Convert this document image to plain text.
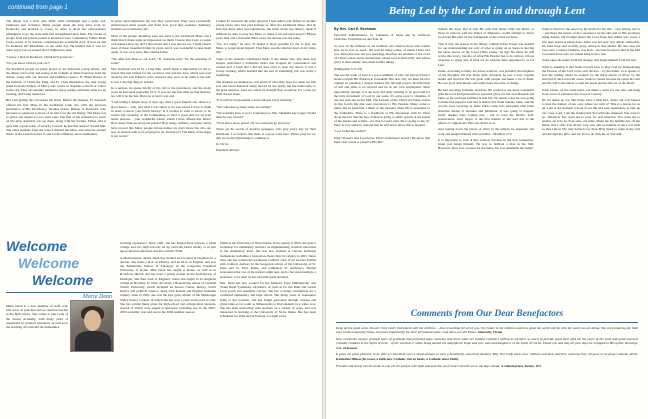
continued from page 1

The dinner was a most gala affair, with candlelight and a quiet, old-fashioned jazz orchestra. Many people made the long drive from St. Kentrick's and Kenrick to Carey, in order to show her extraordinary willingness to go the extra mile had strengthened their faith. The stories of people from his present parish at Rockford were competitive; Father Brian Carey, pastor at St. Patrick, contributed the wonderful story of how he and Fr. Kentrick left Mundelein on the same day. He limited that it was for other days), but we sensed that it might have been.

"I know a man in Rockford, I think he'll get me in."

"Do you know even in your car?"

We Rockford people are justly proud of our dedicated young priests, and the dinner was lovely and seeing at all of them. A rather honed up from the homes, along with our beloved and humble-st pastor, Fr. Brian Bowes of the Institute of Christ the King, and Fr. Chris Henderson, the only young priest from the Fathers of Mercy who serves as chaplain to the Poor Clares in the city. They all certainly seemed to enjoy setting with their sister for an evening, and being treated as.

But I am getting the cart before the horse. Before the banquet, Fr. Kentrick offered his first Mass in the traditional Latin rite, with the gracious permission of His Excellency, Thomas Doran, Bishop of Rockford, who has been so generous to those of us who love the old liturgy. The Mass was so grave and august as you could want. The first of his ordination to serve on the altar, Kentrick was up there, along with his brother. Father said it gave him a great sense of security to know he had that support around him. The older students from the school chanted the Mass, and sang the ancient music of the Church before it, and for the Offertory and Communion,

in parts, unaccompanied: the way they sound best. They were profoundly embarrassed when people told them how good they sounded. Seminary students are notoriously shy.

Most of the people attending were not used to the traditional Mass, but I think that it made quite an impression on them. I know that I saw a couple of hardened men cry, and I discovered that I was moved too. I hadn't heard most of these beautiful hymns in years, and it was wonderful to hear them again. It was, as it were, like coming home.

"We offer this Mass to our Lord," Fr. Kentrick said, "for the salvation of souls."

Mrs. Kentrick was ill for a long time, which made it impossible for her to travel. She had written for the occasion, and sent her love, which was read aloud by her son. Father's voice wavered only once as he came to the end. It was a moving thing to behold.

In a sermon, he spoke briefly of his call to the priesthood, and the many years he had spent preparing for it. It was not the first time we had heard it, nor will it be the last. But now at last it was real.

"I am telling a simple story of days ago with a good friend's son, there is a good lesson – who, and what I was about to do was round. I have to think in order to know your lunch history? Is it normal to want to know, to be vested and receiving of the Communion, to have a good deal for an even better purpose – your wonderful friend, whom I have offered this Mass? How many bishops and good priests? How many ordinary, everyday saints have proved this Mass: people whose names we don't know but who are now in heaven with God, praying for us. Tomorrow? The Mass of the Ages is not weird."

I asked Fr. Kentrick the same question I had asked your fathers at another young priest who had paid homage to offer the traditional Mass. Did he find that these rules and regulations, the ritual detail, the rubrics, made it difficult for him to pray the Mass, to make it his personal prayer? Fifteen years later and a thousand miles away, his answer was the same.

"No, not really," he said. "It makes it more possible for me to pray the Mass, to forget about myself. That Mass was the shortest hour of my entire life."

Some of the students contributed music to the dinner also. Our three best singers performed a Palestrina motet that stopped all conversation and caused such a hush that I did not dare even to clear my throat. It was a lovely evening, which seemed like the end of something, but was really a beginning.

The students are making us a bit afraid of what they hope for when we first saw and heard Kentrick being moved by the Spirit, but the bathrooms, to his great surprise, were not where he thought they would be. It's a joke we shall always share.

"It would be irresponsible to leave Mason every morning."

"We could just go there when we wanted."

"We wouldn't have to go to Confession to Mrs. Sheffield any longer. Would there be any reason?"

"If we had a show period off, we could just go and pray."

These are the words of modern teenagers, who pray every day for their homeland. I do believe that there is a good work here. Please pray for us, that we do the right things to continue it.

In Christ,

Elizabeth Allhiser

Welcome
Welcome
Welcome
Marie Dean

Marie Dean is a new member of staff, who will serve as principal and as classical teacher in the high school. She comes to Our Lady of the Snows Academy, with many years of experience in classical education, as well as in the teaching of Latin and the humanities.

teaching experience. Since 1991, she has helped three schools, a small college and two high schools, set up curricula based wholly or in part upon classical education and the Catholic Faith.

A Midwesterner, Marie Dean has studied and worked in England for a decade. She holds a B.A. in History, and an M.A. in English, and was the Emmerdale Fellow in Theology in the Gregorian Pontifical University of Rome. Miss Dean has taught at Rome, as well as in Rockford, Illinois and has been a parish worker in the Archdiocese of Dubuque. She then went to England, where she taught in an Anglican college in Bromley. In 1995, she made a Benedictine retreat at Cardinal Stritch University, which included an honors course, history, world history and political science, along with Roman and English twentieth century. After in 2001, she was the first great winner of the Mississippi Valley Poetry Contest, in which she has won a prize in the past as well. She has written many plays for high-school and college-level students, several of which were staged at herbooks, including two in the 2002-2003 academic year and one in the 2004 summer season.

1980s at the University of Notre Dame. In the spring of 2003, she gave a workshop for elementary teachers on implementing classical education at the elementary level. She has also assisted at various instituted institutions, including a Gregorian chant choir in Calgary in 2001. Since then, she has written the traditional Catholic view of art and the Psalms with Catholic Authors in the Gregorian schola of the University of St. Peter and St. Paul, Rome, and published. St. Anthony's, Marian pronounced her one of the nation's eight best, and to her great feelings, a professor, to be used by her eleventh grade students.

Mrs. Dean has also worked for the Midwest Pope Philharmonic and Youth Band Symphony Orchestra, as well as for the Ruth and Gloria Lyon youth and ensemble concert. She has a strong contribution for a combined elementary and high school. Her many years of experience bring to her position, and has taught personnel through courses and given talks as far south as Minneapolis to find students in a wider way. She has been interacting with teachers on a variety of ways, and was interested in learning at the University of Notre Dame. She has been scheduled for 2004 and in Edward, for eight years.

Being Led by the Lord in and through Lent

By Rev. Carl E. Beckman

Parochial Administrator, St. Catherine of Siena and St. Ambrose Churches, Prophetstown and Erie, IL

So you, on the loftiness of our holiness, and observe those who realize how we so love to, lead... We wait for many walks, of whom I have told you often (and now tell you weeping), that they are enemies of the cross of Christ; whose end is destruction; whose God is their belly; and whose glory is their shame; who mind earthly things.

(Philippians 3:17-19)

The second week of Lent is a good reminder of why our beloved Savior heads towards His Passion in Jerusalem. But also why we must be ever vigilant in pursuing a deeper interior life through prayer, mortification of self and alms to be revived and be in our own redemption. Most importantly, though, it is our holy and daily wanting to be good and for the holy movement of God in our souls. It's quite easy to visualize, if one has seen the recent film, The Passion of the Christ, the many events in Our Lord's life that were precursors to His Passion. Many come to mind, but in particular I think of the moment when He is presented to the Sanhedrin. There is a flashback to His discussion with St. Peter about the fact that the Son of Man is going to suffer greatly at the hands of the priests and scribes—for that is God's plan. He is going to die. St. Peter is very quick to respond that he will never allow this to happen.

"God forbid me, Satan!"

Why? Doesn't Our Lord know Peter's intentions? Doesn't He know that Peter only wants to preserve His life?

Indeed, He does; that is why He calls him Satan. Only the Devil, or those in cahoots with the Prince of Darkness, would attempt to divert God from His plan for the redemption of the world in Christ.

This is why the season in the liturgy coming before Easter was needed for our understanding not only of what is going on as Satan is moving his chess pieces on the board ('little satans,' he lays his hand, he still works this way!), but also of what His Passion has to do with us. Of our response, to grasp and, if what we do with the time appointed to us for Lent.

Judas, according to many are-lower scholars, was probably the brightest of the disciples. He had many gifts. Probably he was a very capable leader and steward. He was great with people and knew a lot of them. He was good with money and really knew the price of things.

He had one huge problem, however. He wanted to see these wonderful gifts the Lord had given him for personal glory, for his own Messiah and fame, so he could get fulfilled in this life. No matter what, he was going to make that happen! And that is almost did. Palm Sunday came, and the crowds were rejoicing as Jesus Christ came into Jerusalem with Palm branches shouts of hosanna and jubilation. It was going to happen: Judas' dreams were coming true – but so were the Devil's. Self-preservation, don't forget, is the first instinct to the soul due to the effects of original sin. This was Judas' God.

And casting down the pieces of silver in the temple, he departed: and went and hanged himself with an halter. - Matthew 27:5

It is important to look at this version, because in the new translation, Judas just hangs himself. He was so brilliant a man in the film. However, there was a reason for the halter. Do you remember the name?

Judas is driven to the desert by his devils for his sins – very telling, isn't it – and there the terrors of his conscience by his sins just as His goodness being denied, He brought ahead the Lord Jesus had ridden into town, a few days before is being done. Judas was not only very small, a thin man, his false hope and worldly glory, sitting in that shelter. He also sees his own soul; a ruined, faithless, lost man – because he knows that in the Old Covenant those who are cursed hang from a tree.

Judas takes the halter from the donkey, and hangs himself from the tree.

What is amazing is that Judas Iscariot tries to play God by manipulating the Passion of the Lord to his own devices – by the halter, so to speak, to lead the donkey where he wanted, by the thirty pieces of silver, by the betrayal of the Lord with a kiss. Judas is cursed because he opens his soul and his will to the Devil, so that his deeds and his life are of the Devil.

Jesus Christ, on the other hand, can make a curse for our sins, and hung from a tree of salvation: the Cross of Calvary.

Do we desire no cry, like Judas, have a little kiss, where our own halters to lead the donkey of our own, where we wish it? This is a lesson for us all. Lent is the moment to look at our life and seek repentance, to take up our cross. Lord, I am the donkey that You will take wherever You want to go. Whatever You want me to pray for and wherever You want me to endure, let it be for Your sake, not mine. Make me my humble day off the halter, that I offer You all my very own sins as humble as the Lord wills so that I know My only desire is for Your Holy Spirit to reign in my soul and through my gifts, and for You to do with me as You will.

Comments from Our Dear Benefactors

Keep up the good work. You are truly God's instrument with the children. ...how rewarding for all of you. Our future is the children and how great the world will be with the work you are doing. You are preparing the little ones in this temporary home, but more importantly for their permanent home. God bless you all! Peace. Sincerely, Vivian

Your newsletter always prompts tears of gratitude and profound hope, knowing that these souls are faithful Catholics willing to sacrifice so much to provide good their gifts all the years of the most and good and best Catholic children in the Spirit of Lent – of the world as I, while being denied the magnificent Pope and you, sons and daughters of the spirit of Christ. Thank you and may all your days be wrapped in His gentle blessings. J.G. of Kansas

It gives me great pleasure to be able to contribute even a small amount to such a beautifully conceived ministry. May Our Lady bless your children and their teachers, and may they all grow to be great Catholic saints. Katherine Hilton (In sweet, a faith now Catholic, but in heart, a Catholic since birth)

Friends God surely has his hand on you all. It's people with faith and zeal like yours that God will use in the days ahead. A valued priest, Kenny, WY
